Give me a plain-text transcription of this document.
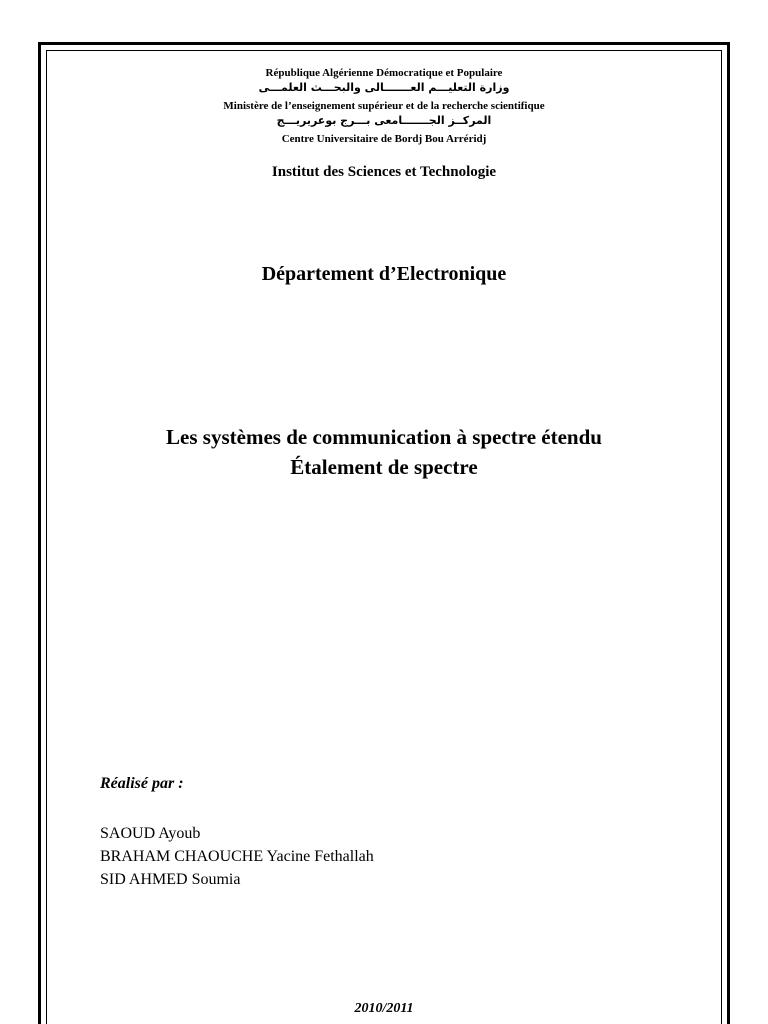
République Algérienne Démocratique et Populaire
وزارة التعليـــم العـــــــالى والبحـــث العلمـــى
Ministère de l’enseignement supérieur et de la recherche scientifique
المركــز الجـــــــامعى بـــرج بوعريريـــج
Centre Universitaire de Bordj Bou Arréridj
Institut des Sciences et Technologie
Département d’Electronique
Les systèmes de communication à spectre étendu
Étalement de spectre
Réalisé par :
SAOUD Ayoub
BRAHAM CHAOUCHE Yacine Fethallah
SID AHMED Soumia
2010/2011
